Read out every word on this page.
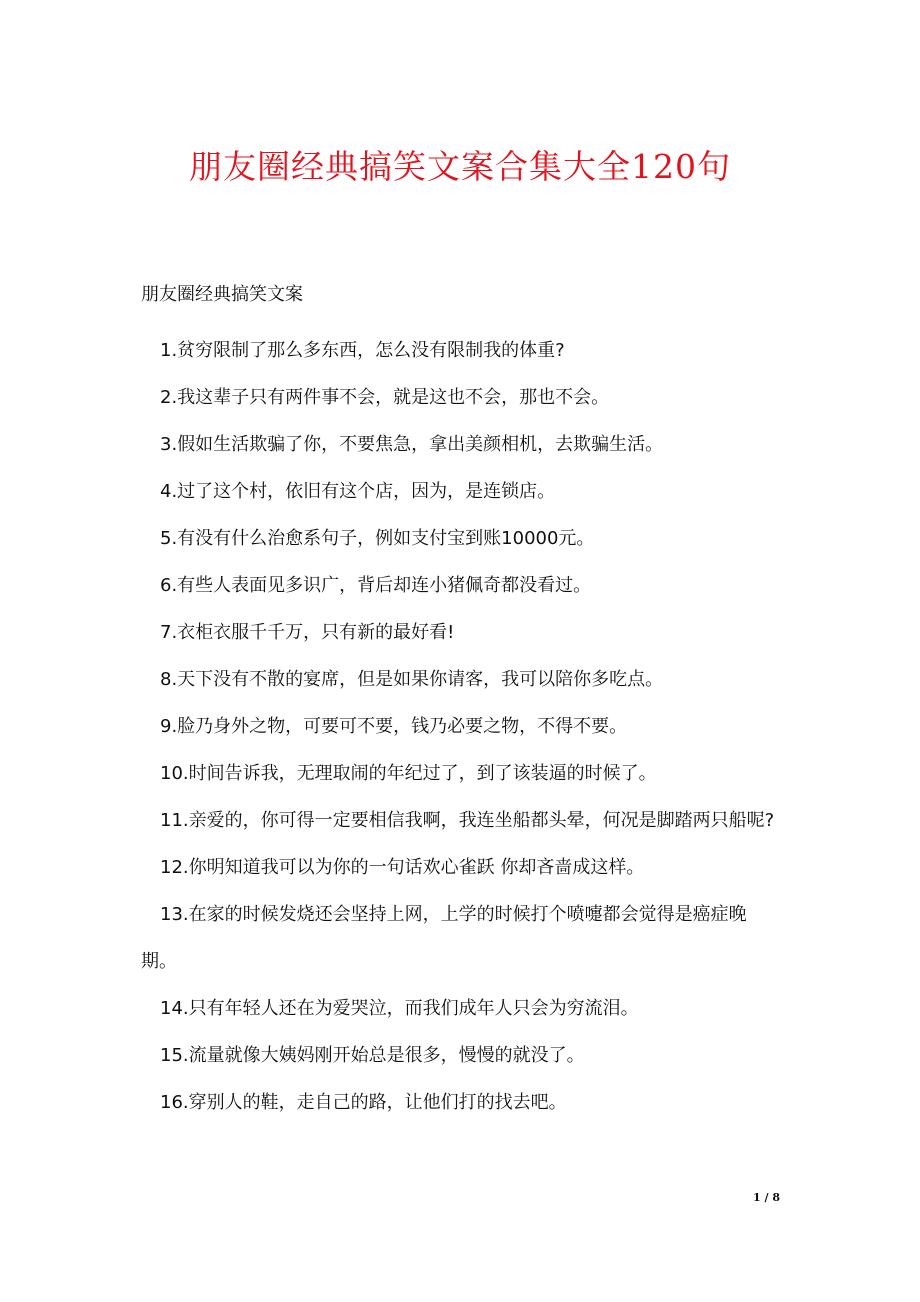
朋友圈经典搞笑文案合集大全120句
朋友圈经典搞笑文案
1.贫穷限制了那么多东西，怎么没有限制我的体重?
2.我这辈子只有两件事不会，就是这也不会，那也不会。
3.假如生活欺骗了你，不要焦急，拿出美颜相机，去欺骗生活。
4.过了这个村，依旧有这个店，因为，是连锁店。
5.有没有什么治愈系句子，例如支付宝到账10000元。
6.有些人表面见多识广，背后却连小猪佩奇都没看过。
7.衣柜衣服千千万，只有新的最好看!
8.天下没有不散的宴席，但是如果你请客，我可以陪你多吃点。
9.脸乃身外之物，可要可不要，钱乃必要之物，不得不要。
10.时间告诉我，无理取闹的年纪过了，到了该装逼的时候了。
11.亲爱的，你可得一定要相信我啊，我连坐船都头晕，何况是脚踏两只船呢?
12.你明知道我可以为你的一句话欢心雀跃 你却吝啬成这样。
13.在家的时候发烧还会坚持上网，上学的时候打个喷嚏都会觉得是癌症晚期。
14.只有年轻人还在为爱哭泣，而我们成年人只会为穷流泪。
15.流量就像大姨妈刚开始总是很多，慢慢的就没了。
16.穿别人的鞋，走自己的路，让他们打的找去吧。
1 / 8
